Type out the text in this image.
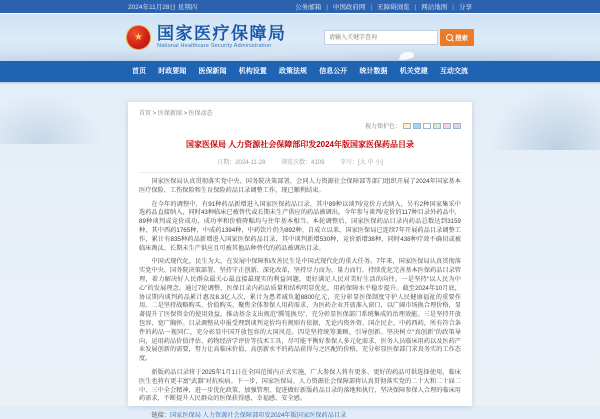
2024年11月28日 星期四	公务邮箱	| 中国政府网	| 无障碍浏览	| 网站地图	| 分享
★ 国家医疗保障局
National Healthcare Security Administration
请输入关键字查询
搜索
首页 时政要闻 医保新闻 机构设置 政策法规 信息公开 统计数据 机关党建 互动交流
首页 > 医保新闻 > 医保动态
视力保护色：
国家医保局 人力资源社会保障部印发2024年版国家医保药品目录
日期：2024-11-28	浏览次数：4109	字号：[大 中 小]

国家医保局认真贯彻落实党中央、国务院决策部署，会同人力资源社会保障部等部门组织开展了2024年国家基本医疗保险、工伤保险和生育保险药品目录调整工作，现已顺利结束。

在今年的调整中，有91种药品新增进入国家医保药品目录，其中89种以谈判/竞价方式纳入，另有2种国家集采中选药品直接纳入，同时43种临床已被替代或长期未生产供应的药品被调出。今年参与谈判/竞价的117种目录外药品中，89种谈判或竞价成功，成功率和价格降幅均与往年基本相当。本轮调整后，国家医保药品目录内药品总数达到3159种，其中西药1765种，中成药1394种，中药饮片仍为892种。自成立以来，国家医保局已连续7年开展药品目录调整工作，累计有835种药品新增进入国家医保药品目录，其中谈判新增530种，竞价新增38种，同时438种疗效不确切或被临床淘汰、长期未生产供应且可被其他品种替代的药品被调出目录。

中国式现代化，民生为大。在发展中保障和改善民生是中国式现代化的重大任务。7年来，国家医保局认真贯彻落实党中央、国务院决策部署，坚持守正创新、深化改革，坚持尽力而为、量力而行，持续优化完善基本医保药品目录管理，着力解决好人民群众最关心最直接最现实的利益问题，更好满足人民对美好生活的向往。一是坚持“以人民为中心”的发展理念。通过7轮调整，医保目录内药品质量和结构明显优化，用药保障水平稳步提升。截至2024年10月底，协议期内谈判药品累计惠及8.3亿人次，累计为患者减负超8800亿元，充分彰显医保制度守护人民健康福祉的重要作用。二是坚持战略购买、价值购买。聚焦全体参保人用药需求，为医药企业开放准入窗口，以广阔市场换合理价格，显著提升了医保资金的使用效益，推动基金支出规范“腾笼换鸟”，充分彰显医保部门系统集成的治理效能。三是坚持开放包容、宽广胸怀。目录调整从申报受理到谈判竞价均有规则有依据，无论内资外资、国企民企、中药西药，所有符合条件的药品一视同仁，充分彰显中国开放包容的大国风范。四是坚持统筹兼顾、引导创新。坚决树立“真创新”的政策导向，运用药品价值评估、药物经济学评价等技术工具，尽可能平衡好参保人多元化需求、医务人员临床用药以及医药产业发展创新的需要，努力让高临床价值、高创新水平的药品获得与之匹配的价格，充分彰显医保部门求真务实的工作态度。

新版药品目录将于2025年1月1日在全国范围内正式实施，广大参保人将有更多、更好的药品可供选择使用，临床医生也将有更丰富“武器”对抗疾病。下一步，国家医保局、人力资源社会保障部将认真贯彻落实党的二十大和二十届二中、三中全会精神，进一步优化政策、加强管理，促进做好新版药品目录的落地和执行，坚决保障参保人合理的临床用药需求，不断提升人民群众的医保获得感、幸福感、安全感。

链接：国家医保局 人力资源社会保障部印发2024年版国家医保药品目录
